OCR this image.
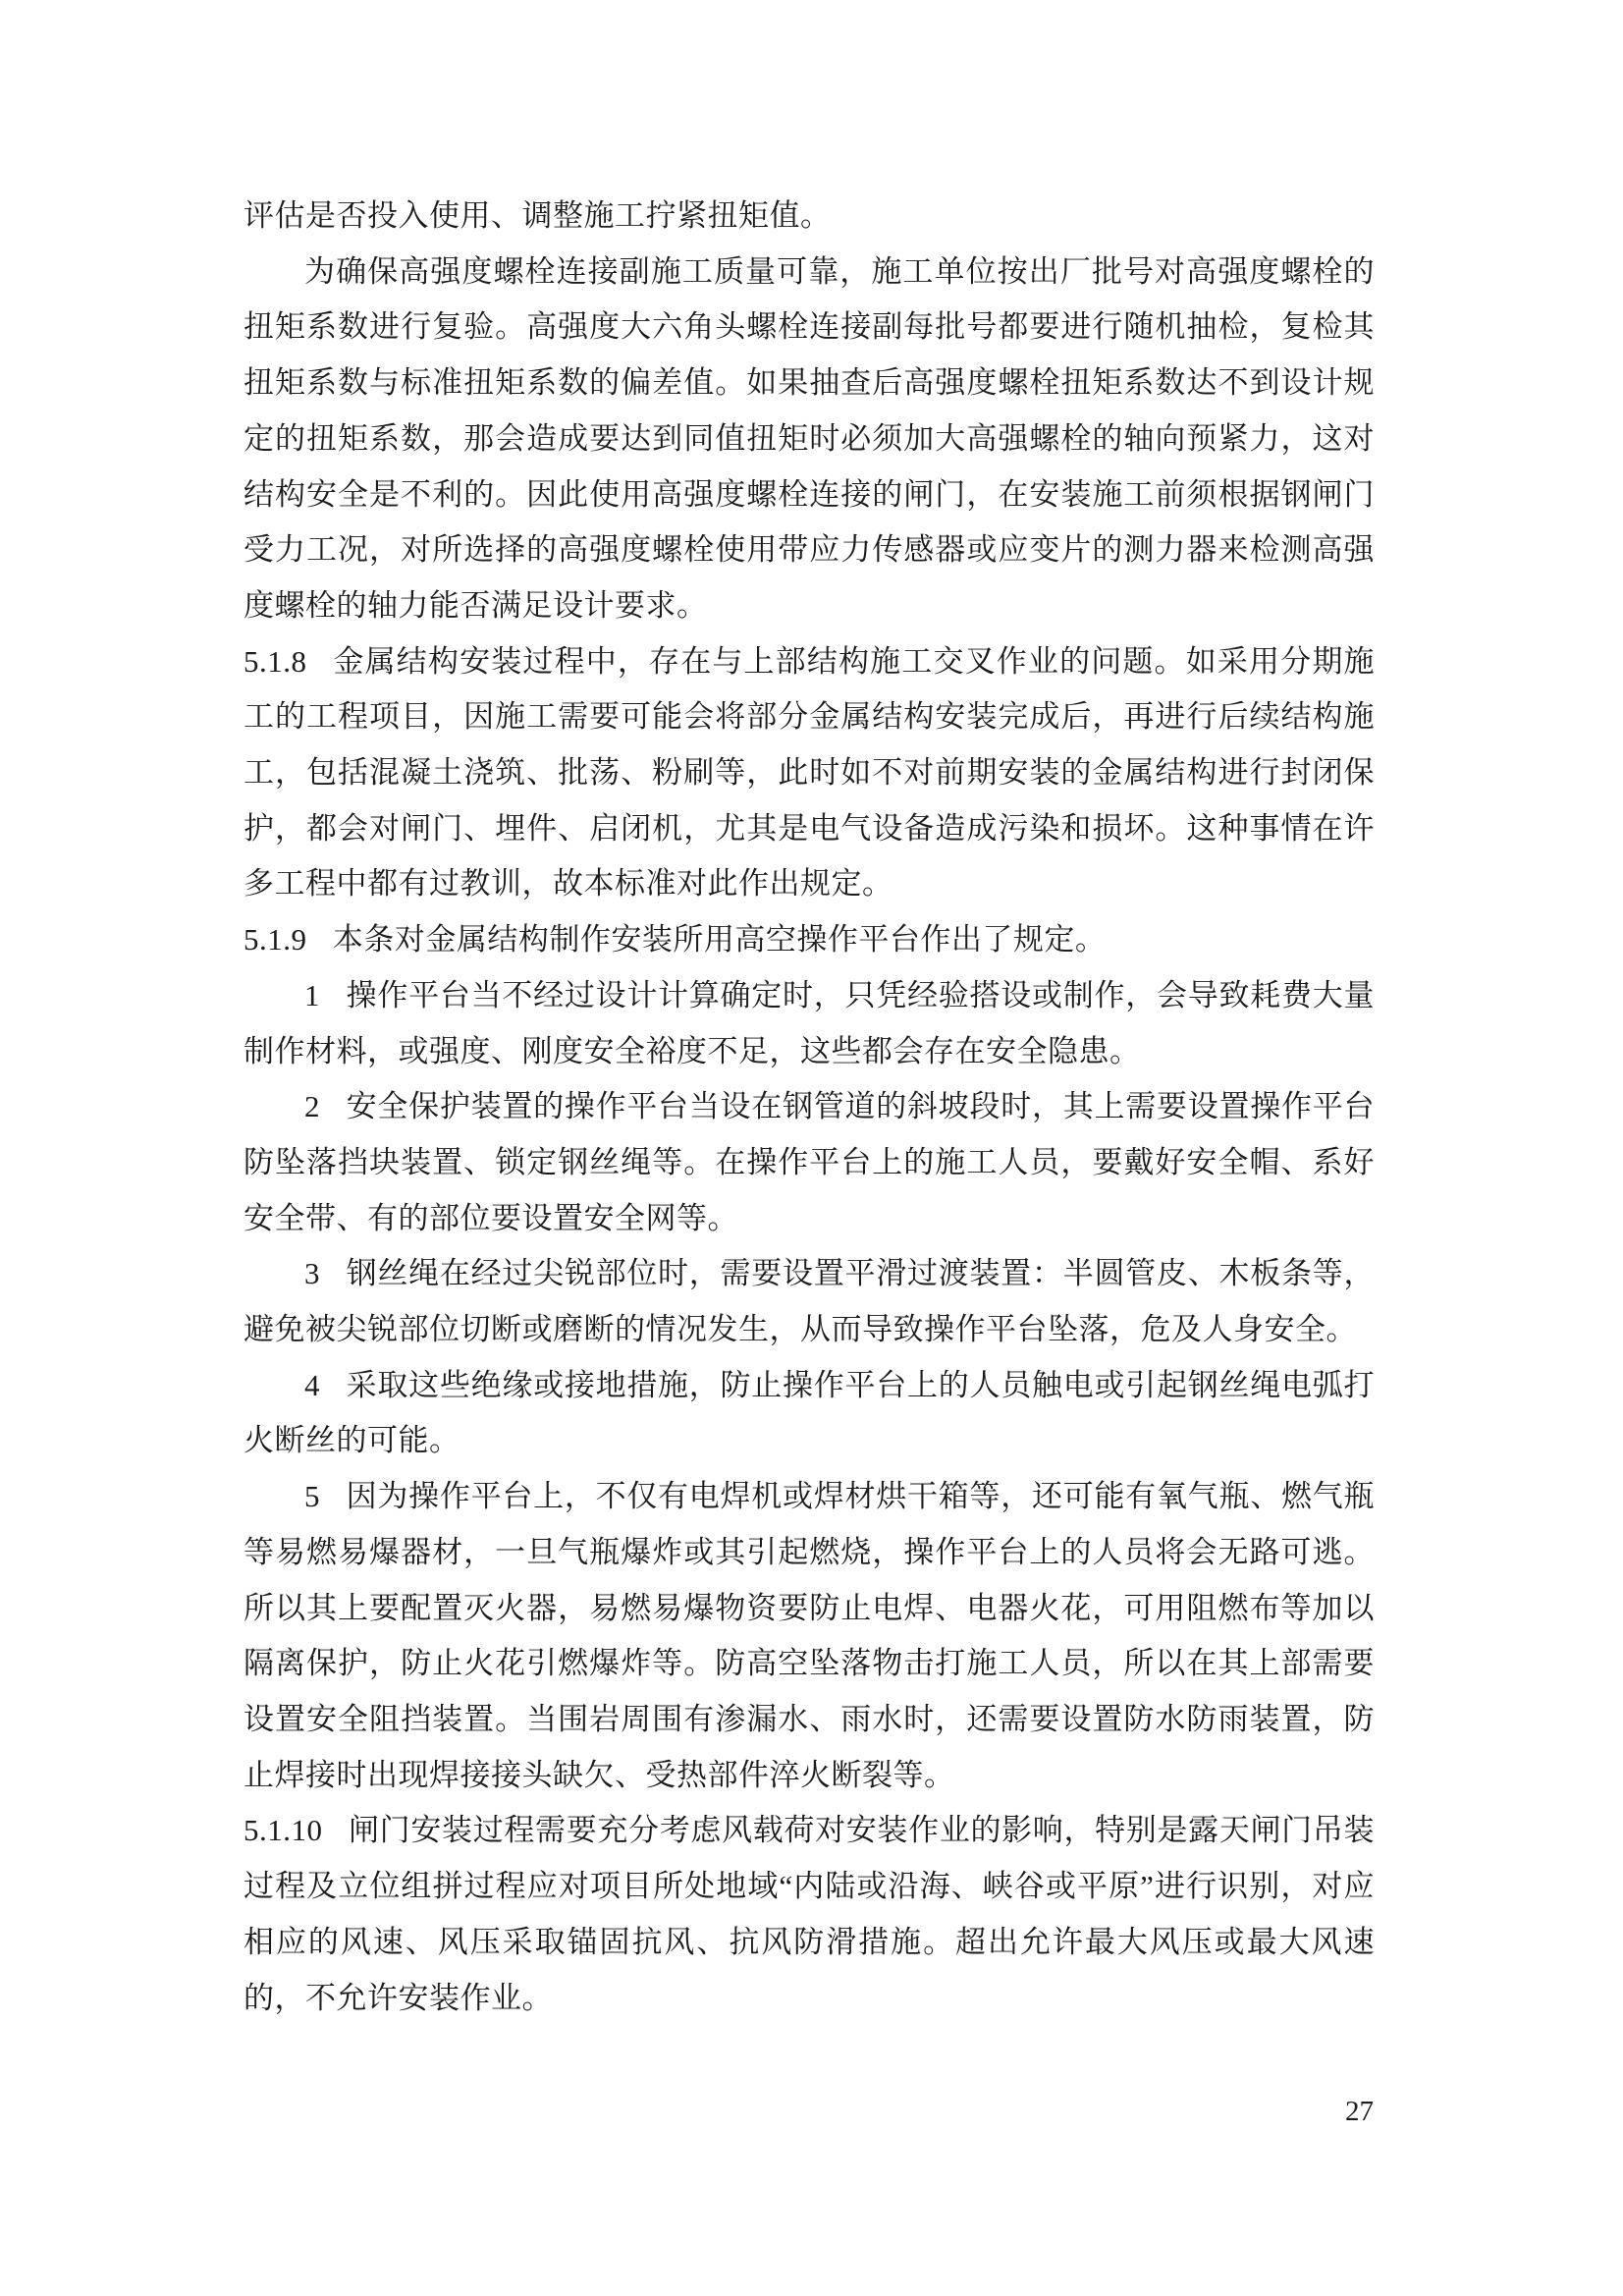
评估是否投入使用、调整施工拧紧扭矩值。

为确保高强度螺栓连接副施工质量可靠，施工单位按出厂批号对高强度螺栓的扭矩系数进行复验。高强度大六角头螺栓连接副每批号都要进行随机抽检，复检其扭矩系数与标准扭矩系数的偏差值。如果抽查后高强度螺栓扭矩系数达不到设计规定的扭矩系数，那会造成要达到同值扭矩时必须加大高强螺栓的轴向预紧力，这对结构安全是不利的。因此使用高强度螺栓连接的闸门，在安装施工前须根据钢闸门受力工况，对所选择的高强度螺栓使用带应力传感器或应变片的测力器来检测高强度螺栓的轴力能否满足设计要求。

5.1.8 金属结构安装过程中，存在与上部结构施工交叉作业的问题。如采用分期施工的工程项目，因施工需要可能会将部分金属结构安装完成后，再进行后续结构施工，包括混凝土浇筑、批荡、粉刷等，此时如不对前期安装的金属结构进行封闭保护，都会对闸门、埋件、启闭机，尤其是电气设备造成污染和损坏。这种事情在许多工程中都有过教训，故本标准对此作出规定。

5.1.9 本条对金属结构制作安装所用高空操作平台作出了规定。

1 操作平台当不经过设计计算确定时，只凭经验搭设或制作，会导致耗费大量制作材料，或强度、刚度安全裕度不足，这些都会存在安全隐患。

2 安全保护装置的操作平台当设在钢管道的斜坡段时，其上需要设置操作平台防坠落挡块装置、锁定钢丝绳等。在操作平台上的施工人员，要戴好安全帽、系好安全带、有的部位要设置安全网等。

3 钢丝绳在经过尖锐部位时，需要设置平滑过渡装置：半圆管皮、木板条等，避免被尖锐部位切断或磨断的情况发生，从而导致操作平台坠落，危及人身安全。

4 采取这些绝缘或接地措施，防止操作平台上的人员触电或引起钢丝绳电弧打火断丝的可能。

5 因为操作平台上，不仅有电焊机或焊材烘干箱等，还可能有氧气瓶、燃气瓶等易燃易爆器材，一旦气瓶爆炸或其引起燃烧，操作平台上的人员将会无路可逃。所以其上要配置灭火器，易燃易爆物资要防止电焊、电器火花，可用阻燃布等加以隔离保护，防止火花引燃爆炸等。防高空坠落物击打施工人员，所以在其上部需要设置安全阻挡装置。当围岩周围有渗漏水、雨水时，还需要设置防水防雨装置，防止焊接时出现焊接接头缺欠、受热部件淬火断裂等。

5.1.10 闸门安装过程需要充分考虑风载荷对安装作业的影响，特别是露天闸门吊装过程及立位组拼过程应对项目所处地域“内陆或沿海、峡谷或平原”进行识别，对应相应的风速、风压采取锚固抗风、抗风防滑措施。超出允许最大风压或最大风速的，不允许安装作业。

27
